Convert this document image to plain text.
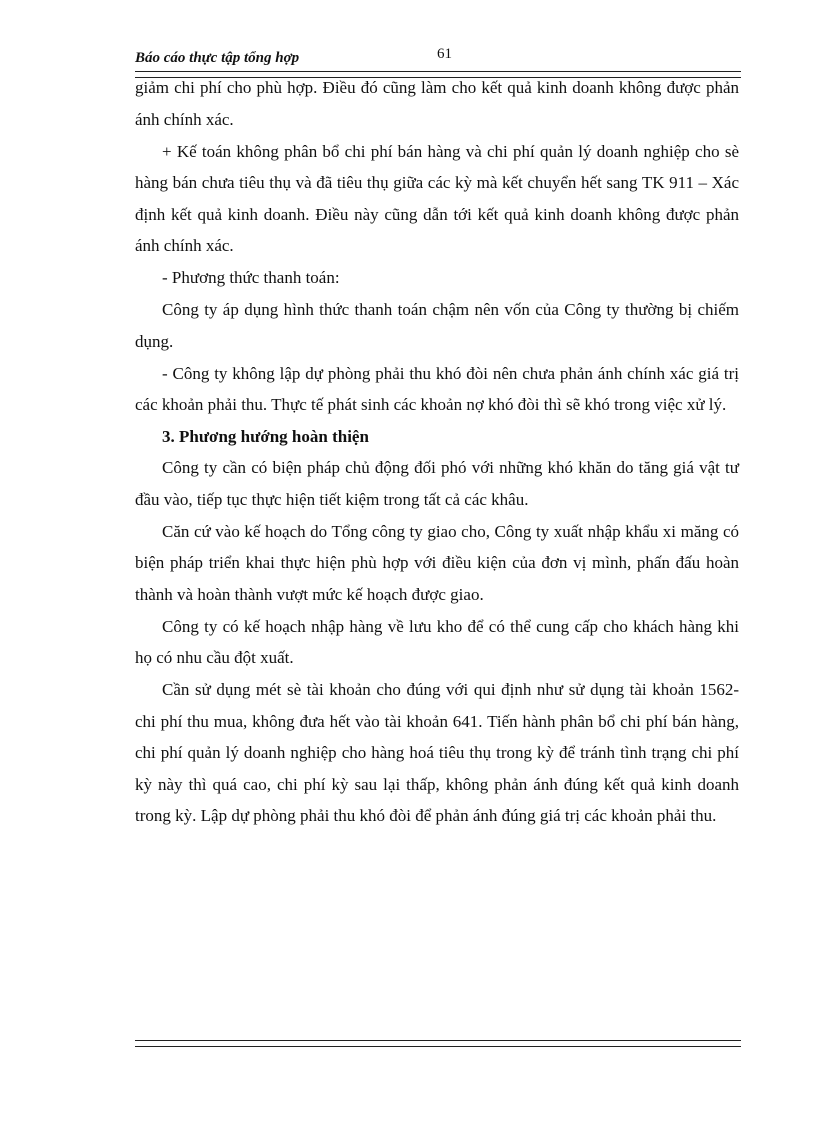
Báo cáo thực tập tổng hợp	61

giảm chi phí cho phù hợp. Điều đó cũng làm cho kết quả kinh doanh không được phản ánh chính xác.

+ Kế toán không phân bổ chi phí bán hàng và chi phí quản lý doanh nghiệp cho sè hàng bán chưa tiêu thụ và đã tiêu thụ giữa các kỳ mà kết chuyển hết sang TK 911 – Xác định kết quả kinh doanh. Điều này cũng dẫn tới kết quả kinh doanh không được phản ánh chính xác.

- Phương thức thanh toán:

Công ty áp dụng hình thức thanh toán chậm nên vốn của Công ty thường bị chiếm dụng.

- Công ty không lập dự phòng phải thu khó đòi nên chưa phản ánh chính xác giá trị các khoản phải thu. Thực tế phát sinh các khoản nợ khó đòi thì sẽ khó trong việc xử lý.

3. Phương hướng hoàn thiện

Công ty cần có biện pháp chủ động đối phó với những khó khăn do tăng giá vật tư đầu vào, tiếp tục thực hiện tiết kiệm trong tất cả các khâu.

Căn cứ vào kế hoạch do Tổng công ty giao cho, Công ty xuất nhập khẩu xi măng có biện pháp triển khai thực hiện phù hợp với điều kiện của đơn vị mình, phấn đấu hoàn thành và hoàn thành vượt mức kế hoạch được giao.

Công ty có kế hoạch nhập hàng về lưu kho để có thể cung cấp cho khách hàng khi họ có nhu cầu đột xuất.

Cần sử dụng mét sè tài khoản cho đúng với qui định như sử dụng tài khoản 1562- chi phí thu mua, không đưa hết vào tài khoản 641. Tiến hành phân bổ chi phí bán hàng, chi phí quản lý doanh nghiệp cho hàng hoá tiêu thụ trong kỳ để tránh tình trạng chi phí kỳ này thì quá cao, chi phí kỳ sau lại thấp, không phản ánh đúng kết quả kinh doanh trong kỳ. Lập dự phòng phải thu khó đòi để phản ánh đúng giá trị các khoản phải thu.
